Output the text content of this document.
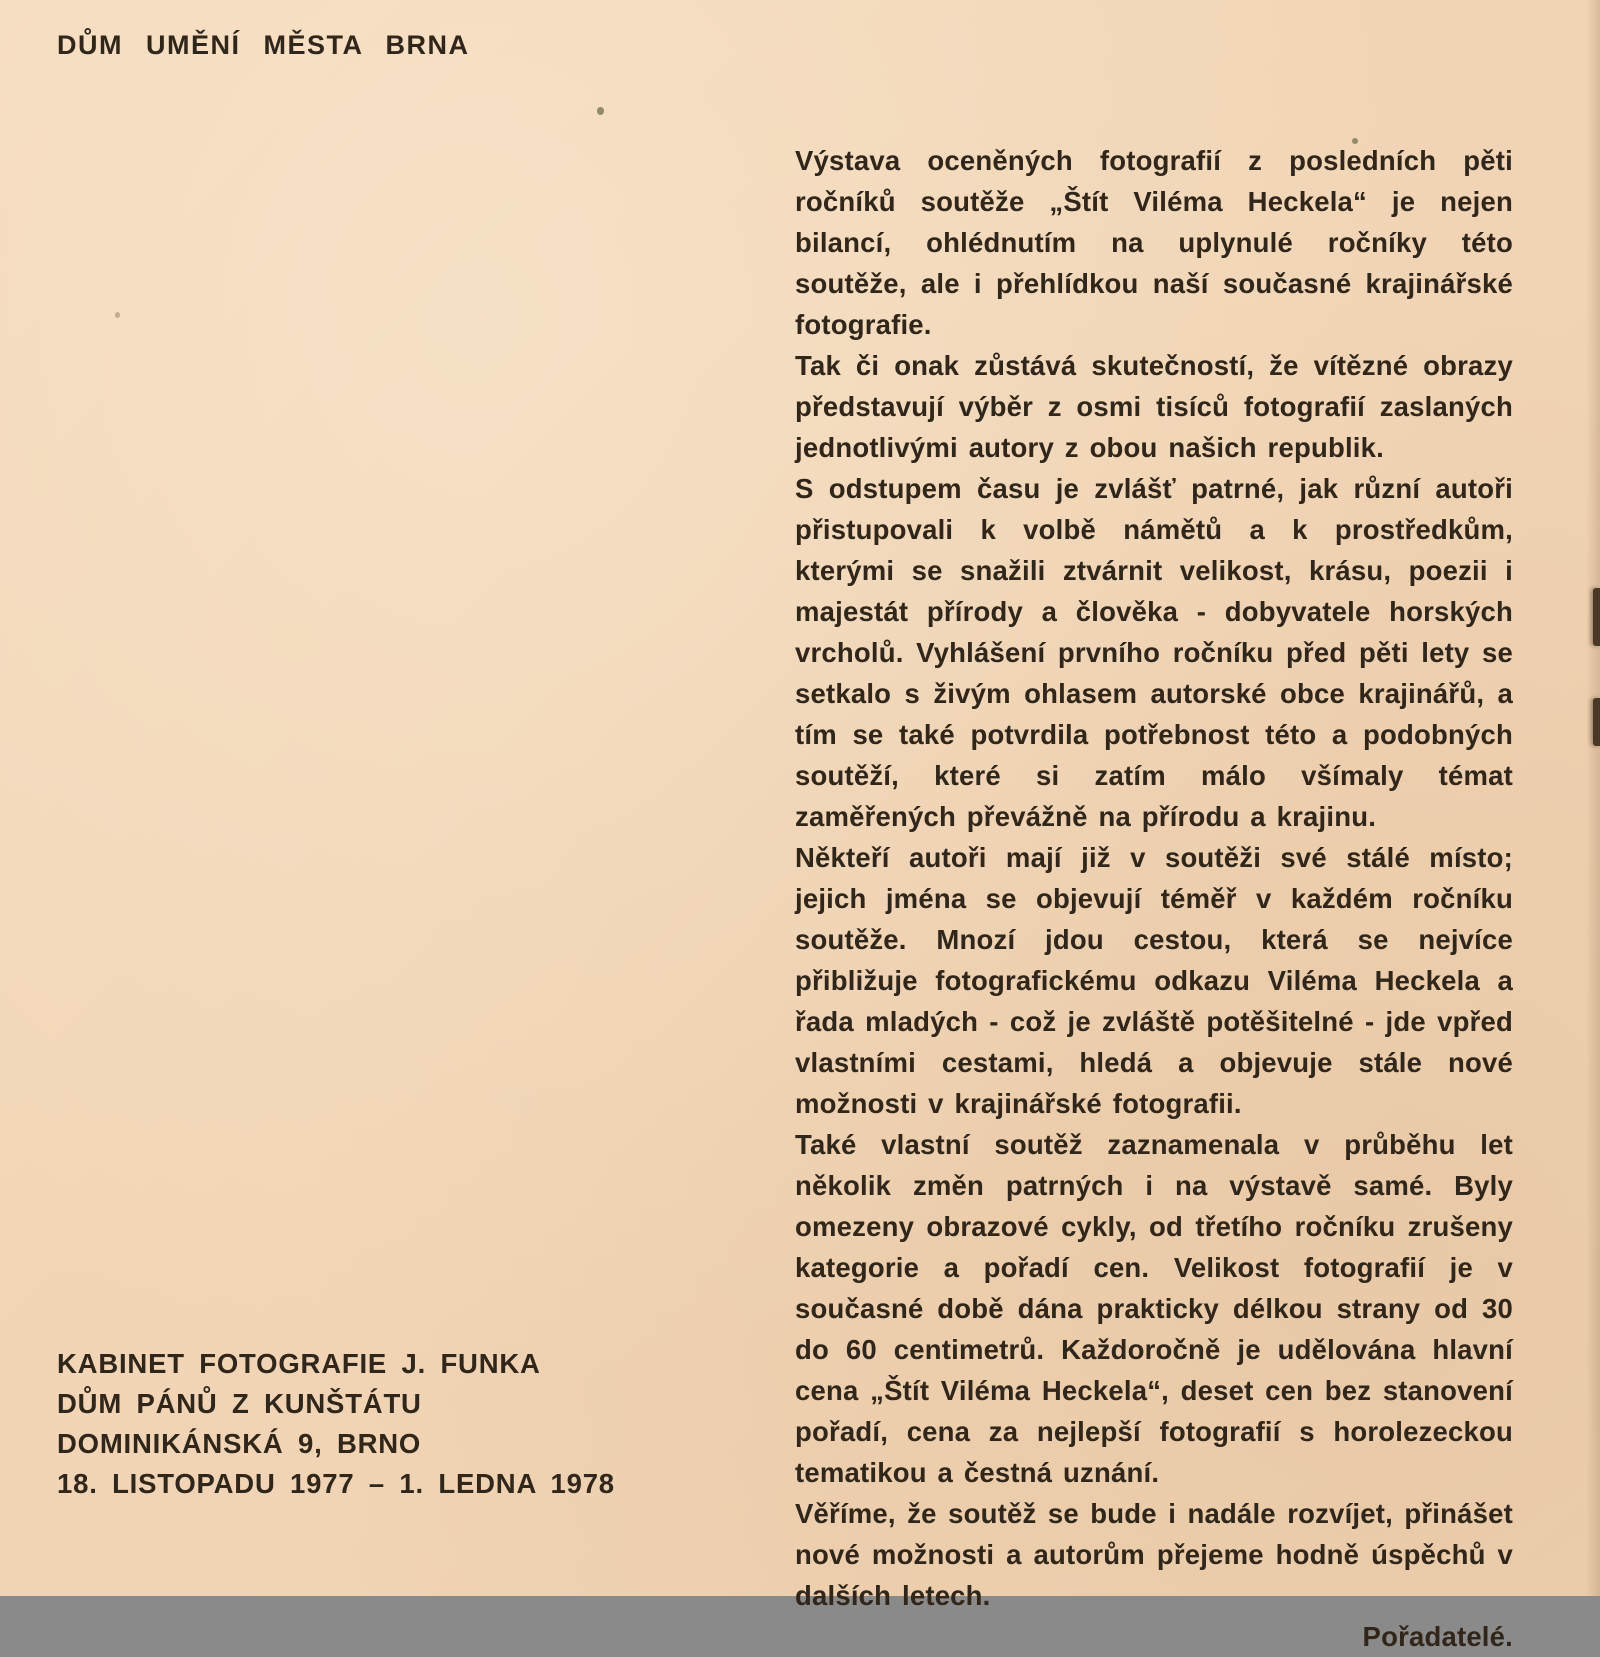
DŮM UMĚNÍ MĚSTA BRNA

Výstava oceněných fotografií z posledních pěti ročníků soutěže „Štít Viléma Heckela“ je nejen bilancí, ohlédnutím na uplynulé ročníky této soutěže, ale i přehlídkou naší současné krajinářské fotografie.

Tak či onak zůstává skutečností, že vítězné obrazy představují výběr z osmi tisíců fotografií zaslaných jednotlivými autory z obou našich republik.

S odstupem času je zvlášť patrné, jak různí autoři přistupovali k volbě námětů a k prostředkům, kterými se snažili ztvárnit velikost, krásu, poezii i majestát přírody a člověka - dobyvatele horských vrcholů. Vyhlášení prvního ročníku před pěti lety se setkalo s živým ohlasem autorské obce krajinářů, a tím se také potvrdila potřebnost této a podobných soutěží, které si zatím málo všímaly témat zaměřených převážně na přírodu a krajinu.

Někteří autoři mají již v soutěži své stálé místo; jejich jména se objevují téměř v každém ročníku soutěže. Mnozí jdou cestou, která se nejvíce přibližuje fotografickému odkazu Viléma Heckela a řada mladých - což je zvláště potěšitelné - jde vpřed vlastními cestami, hledá a objevuje stále nové možnosti v krajinářské fotografii.

Také vlastní soutěž zaznamenala v průběhu let několik změn patrných i na výstavě samé. Byly omezeny obrazové cykly, od třetího ročníku zrušeny kategorie a pořadí cen. Velikost fotografií je v současné době dána prakticky délkou strany od 30 do 60 centimetrů. Každoročně je udělována hlavní cena „Štít Viléma Heckela“, deset cen bez stanovení pořadí, cena za nejlepší fotografií s horolezeckou tematikou a čestná uznání.

Věříme, že soutěž se bude i nadále rozvíjet, přinášet nové možnosti a autorům přejeme hodně úspěchů v dalších letech.

Pořadatelé.
KABINET FOTOGRAFIE J. FUNKA
DŮM PÁNŮ Z KUNŠTÁTU
DOMINIKÁNSKÁ 9, BRNO
18. LISTOPADU 1977 – 1. LEDNA 1978
